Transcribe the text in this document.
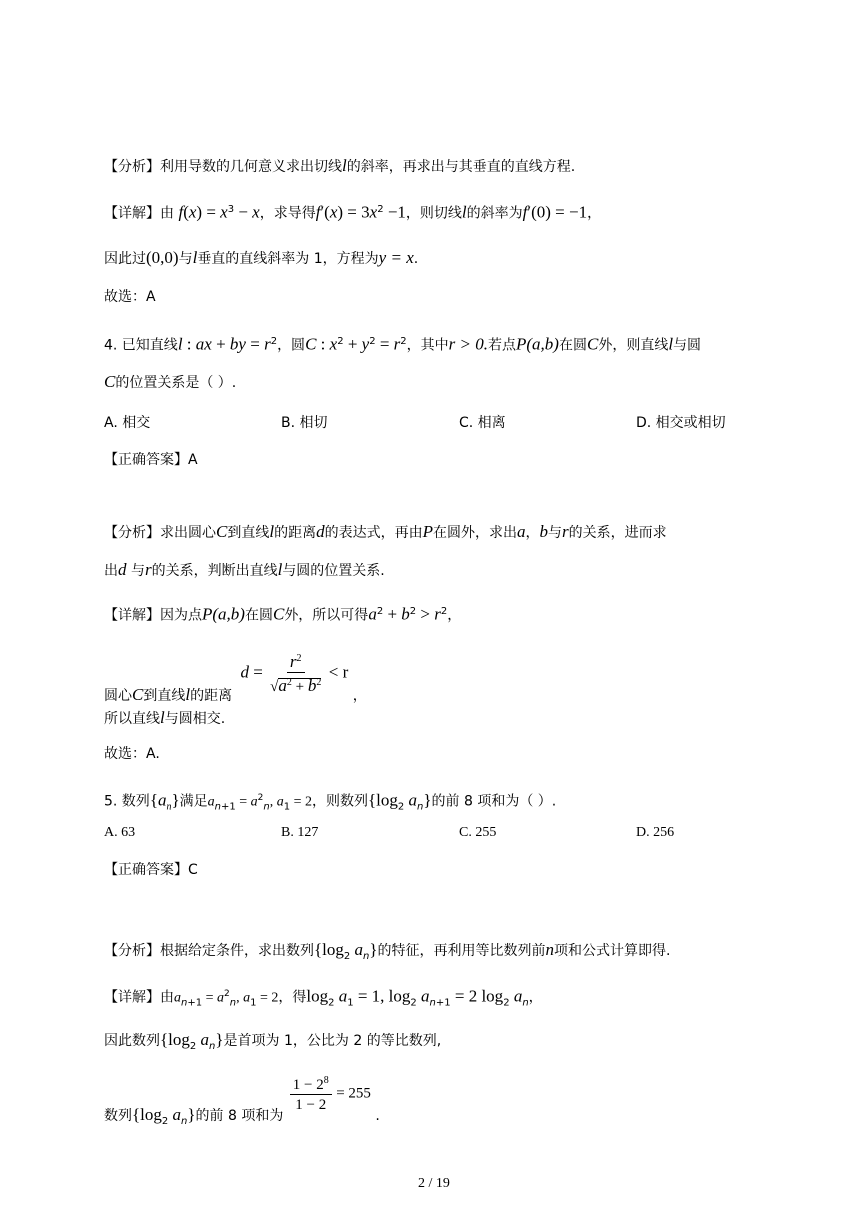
【分析】利用导数的几何意义求出切线l的斜率，再求出与其垂直的直线方程.
【详解】由 $f(x) = x^3 - x$，求导得$f'(x) = 3x^2 -1$，则切线l的斜率为f′(0) = −1，
因此过(0,0)与l垂直的直线斜率为 1，方程为y = x.
故选：A
4. 已知直线l : ax + by = $r^2$，圆C : $x^2 + y^2 = r^2$，其中r > 0.若点P(a,b)在圆C外，则直线l与圆
C的位置关系是（ ）.
A. 相交	B. 相切	C. 相离	D. 相交或相切
【正确答案】A
【分析】求出圆心C到直线l的距离d的表达式，再由P在圆外，求出a，b与r的关系，进而求
出d 与r的关系，判断出直线l与圆的位置关系.
【详解】因为点P(a,b)在圆C外，所以可得$a^2 + b^2 > r^2$，
圆心C到直线l的距离 $d = \frac{r^2}{√a^2 + b^2} < r$ ，
所以直线l与圆相交.
故选：A.
5. 数列$\{a_n\}$满足$a_{n+1} = a^2_n$, $a_1 = 2$，则数列{$\log_2$ $a_n$}的前 8 项和为（ ）.
A. 63	B. 127	C. 255	D. 256
【正确答案】C
【分析】根据给定条件，求出数列{$\log_2$ $a_n$}的特征，再利用等比数列前n项和公式计算即得.
【详解】由$a_{n+1} = a^2_n$, $a_1 = 2$，得$\log_2 a_1 = 1$, $\log_2 a_{n+1} = 2$ $\log_2 a_n$，
因此数列{$\log_2$ $a_n$}是首项为 1，公比为 2 的等比数列,
数列{$\log_2$ $a_n$}的前 8 项和为
$\frac{1 - 2^8}{1 - 2} = 255$ .
2 / 19
